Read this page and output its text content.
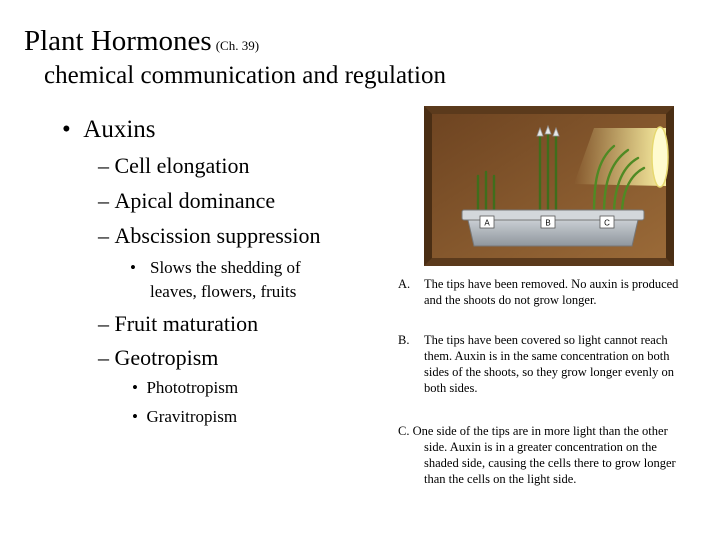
Plant Hormones (Ch. 39)
chemical communication and regulation
• Auxins
– Cell elongation
– Apical dominance
– Abscission suppression
• Slows the shedding of leaves, flowers, fruits
– Fruit maturation
– Geotropism
• Phototropism
• Gravitropism
A	B	C
A. The tips have been removed. No auxin is produced and the shoots do not grow longer.
B. The tips have been covered so light cannot reach them. Auxin is in the same concentration on both sides of the shoots, so they grow longer evenly on both sides.
C. One side of the tips are in more light than the other side. Auxin is in a greater concentration on the shaded side, causing the cells there to grow longer than the cells on the light side.
